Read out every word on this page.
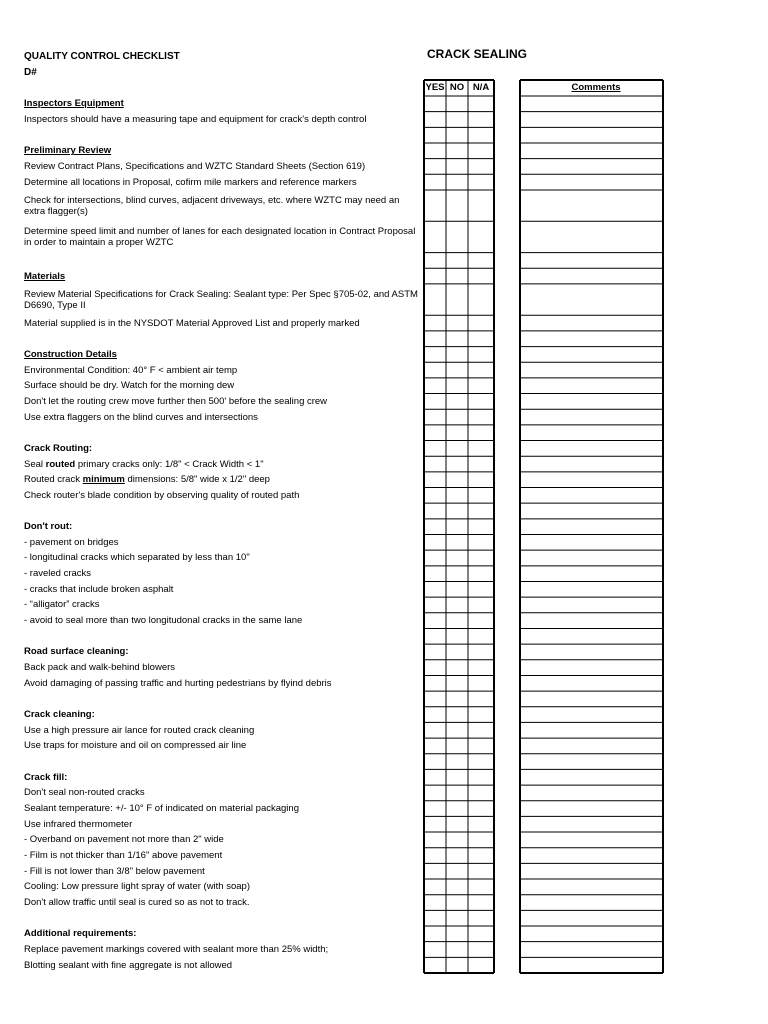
QUALITY CONTROL CHECKLIST	CRACK SEALING
D#
YES NO N/A	Comments
Inspectors Equipment
Inspectors should have a measuring tape and equipment for crack's depth control
Preliminary Review
Review Contract Plans, Specifications and WZTC Standard Sheets (Section 619)
Determine all locations in Proposal, cofirm mile markers and reference markers
Check for intersections, blind curves, adjacent driveways, etc. where WZTC may need an extra flagger(s)
Determine speed limit and number of lanes for each designated location in Contract Proposal in order to maintain a proper WZTC
Materials
Review Material Specifications for Crack Sealing: Sealant type: Per Spec §705-02, and ASTM D6690, Type II
Material supplied is in the NYSDOT Material Approved List and properly marked
Construction Details
Environmental Condition: 40° F < ambient air temp
Surface should be dry. Watch for the morning dew
Don't let the routing crew move further then 500' before the sealing crew
Use extra flaggers on the blind curves and intersections
Crack Routing:
Seal routed primary cracks only: 1/8" < Crack Width < 1"
Routed crack minimum dimensions: 5/8" wide x 1/2" deep
Check router's blade condition by observing quality of routed path
Don't rout:
- pavement on bridges
- longitudinal cracks which separated by less than 10"
- raveled cracks
- cracks that include broken asphalt
- “alligator” cracks
- avoid to seal more than two longitudonal cracks in the same lane
Road surface cleaning:
Back pack and walk-behind blowers
Avoid damaging of passing traffic and hurting pedestrians by flyind debris
Crack cleaning:
Use a high pressure air lance for routed crack cleaning
Use traps for moisture and oil on compressed air line
Crack fill:
Don't seal non-routed cracks
Sealant temperature: +/- 10° F of indicated on material packaging
Use infrared thermometer
- Overband on pavement not more than 2" wide
- Film is not thicker than 1/16" above pavement
- Fill is not lower than 3/8" below pavement
Cooling: Low pressure light spray of water (with soap)
Don't allow traffic until seal is cured so as not to track.
Additional requirements:
Replace pavement markings covered with sealant more than 25% width;
Blotting sealant with fine aggregate is not allowed
